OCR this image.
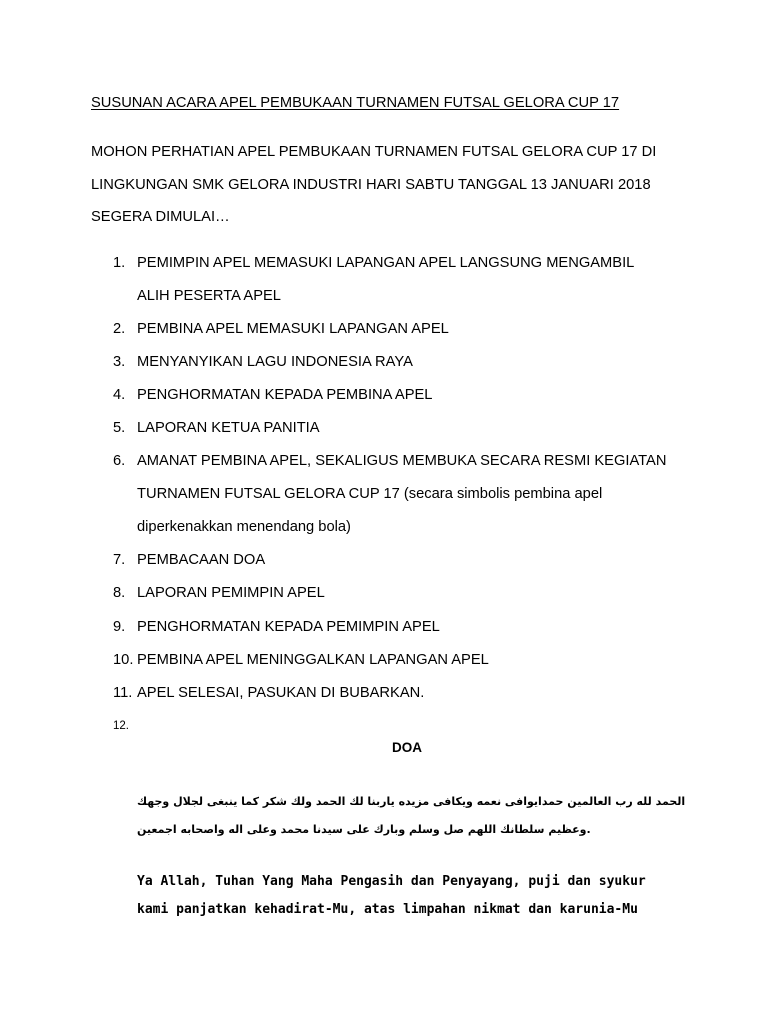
SUSUNAN ACARA APEL PEMBUKAAN TURNAMEN FUTSAL GELORA CUP 17
MOHON PERHATIAN APEL PEMBUKAAN TURNAMEN FUTSAL GELORA CUP 17 DI
LINGKUNGAN SMK GELORA INDUSTRI HARI SABTU TANGGAL 13 JANUARI 2018
SEGERA DIMULAI…
1. PEMIMPIN APEL MEMASUKI LAPANGAN APEL LANGSUNG MENGAMBIL
ALIH PESERTA APEL
2. PEMBINA APEL MEMASUKI LAPANGAN APEL
3. MENYANYIKAN LAGU INDONESIA RAYA
4. PENGHORMATAN KEPADA PEMBINA APEL
5. LAPORAN KETUA PANITIA
6. AMANAT PEMBINA APEL, SEKALIGUS MEMBUKA SECARA RESMI KEGIATAN
TURNAMEN FUTSAL GELORA CUP 17 (secara simbolis pembina apel
diperkenakkan menendang bola)
7. PEMBACAAN DOA
8. LAPORAN PEMIMPIN APEL
9. PENGHORMATAN KEPADA PEMIMPIN APEL
10. PEMBINA APEL MENINGGALKAN LAPANGAN APEL
11. APEL SELESAI, PASUKAN DI BUBARKAN.
12.
DOA
الحمد لله رب العالمين حمدايوافى نعمه ويكافى مزيده ياربنا لك الحمد ولك شكر كما ينبغى لجلال وجهك
وعظيم سلطانك اللهم صل وسلم وبارك على سيدنا محمد وعلى اله واصحابه اجمعين.
Ya Allah, Tuhan Yang Maha Pengasih dan Penyayang, puji dan syukur
kami panjatkan kehadirat-Mu, atas limpahan nikmat dan karunia-Mu
